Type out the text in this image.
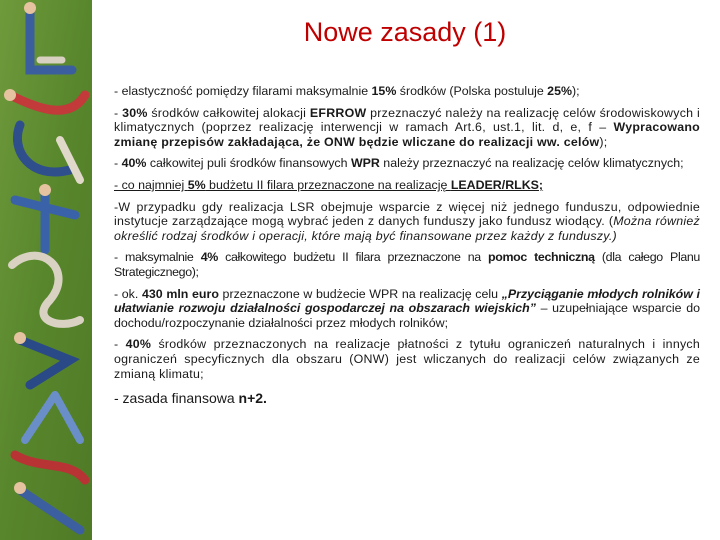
Nowe zasady (1)

- elastyczność pomiędzy filarami maksymalnie 15% środków (Polska postuluje 25%);

- 30% środków całkowitej alokacji EFRROW przeznaczyć należy na realizację celów środowiskowych i klimatycznych (poprzez realizację interwencji w ramach Art.6, ust.1, lit. d, e, f – Wypracowano zmianę przepisów zakładająca, że ONW będzie wliczane do realizacji ww. celów);

- 40% całkowitej puli środków finansowych WPR należy przeznaczyć na realizację celów klimatycznych;

- co najmniej 5% budżetu II filara przeznaczone na realizację LEADER/RLKS;

-W przypadku gdy realizacja LSR obejmuje wsparcie z więcej niż jednego funduszu, odpowiednie instytucje zarządzające mogą wybrać jeden z danych funduszy jako fundusz wiodący. (Można również określić rodzaj środków i operacji, które mają być finansowane przez każdy z funduszy.)

- maksymalnie 4% całkowitego budżetu II filara przeznaczone na pomoc techniczną (dla całego Planu Strategicznego);

- ok. 430 mln euro przeznaczone w budżecie WPR na realizację celu „Przyciąganie młodych rolników i ułatwianie rozwoju działalności gospodarczej na obszarach wiejskich” – uzupełniające wsparcie do dochodu/rozpoczynanie działalności przez młodych rolników;

- 40% środków przeznaczonych na realizacje płatności z tytułu ograniczeń naturalnych i innych ograniczeń specyficznych dla obszaru (ONW) jest wliczanych do realizacji celów związanych ze zmianą klimatu;

- zasada finansowa n+2.
